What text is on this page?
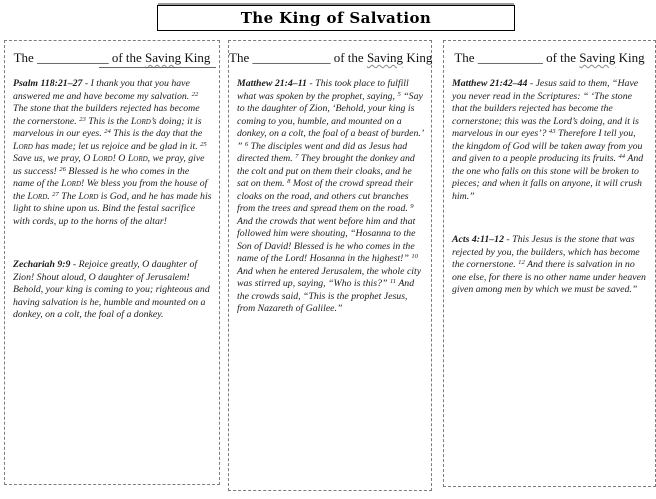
The King of Salvation
The ___________ of the Saving King
Psalm 118:21–27 - I thank you that you have answered me and have become my salvation. $^{22}$ The stone that the builders rejected has become the cornerstone. $^{23}$ This is the Lord’s doing; it is marvelous in our eyes. $^{24}$ This is the day that the Lord has made; let us rejoice and be glad in it. $^{25}$ Save us, we pray, O Lord! O Lord, we pray, give us success! $^{26}$ Blessed is he who comes in the name of the Lord! We bless you from the house of the Lord. $^{27}$ The Lord is God, and he has made his light to shine upon us. Bind the festal sacrifice with cords, up to the horns of the altar!
Zechariah 9:9 - Rejoice greatly, O daughter of Zion! Shout aloud, O daughter of Jerusalem! Behold, your king is coming to you; righteous and having salvation is he, humble and mounted on a donkey, on a colt, the foal of a donkey.
The ____________ of the Saving King
Matthew 21:4–11 - This took place to fulfill what was spoken by the prophet, saying, $^5$ “Say to the daughter of Zion, ‘Behold, your king is coming to you, humble, and mounted on a donkey, on a colt, the foal of a beast of burden.’ ” $^6$ The disciples went and did as Jesus had directed them. $^7$ They brought the donkey and the colt and put on them their cloaks, and he sat on them. $^8$ Most of the crowd spread their cloaks on the road, and others cut branches from the trees and spread them on the road. $^9$ And the crowds that went before him and that followed him were shouting, “Hosanna to the Son of David! Blessed is he who comes in the name of the Lord! Hosanna in the highest!” $^{10}$ And when he entered Jerusalem, the whole city was stirred up, saying, “Who is this?” $^{11}$ And the crowds said, “This is the prophet Jesus, from Nazareth of Galilee.”
The __________ of the Saving King
Matthew 21:42–44 - Jesus said to them, “Have you never read in the Scriptures: “ ‘The stone that the builders rejected has become the cornerstone; this was the Lord’s doing, and it is marvelous in our eyes’? $^{43}$ Therefore I tell you, the kingdom of God will be taken away from you and given to a people producing its fruits. $^{44}$ And the one who falls on this stone will be broken to pieces; and when it falls on anyone, it will crush him.”
Acts 4:11–12 - This Jesus is the stone that was rejected by you, the builders, which has become the cornerstone. $^{12}$ And there is salvation in no one else, for there is no other name under heaven given among men by which we must be saved.”
